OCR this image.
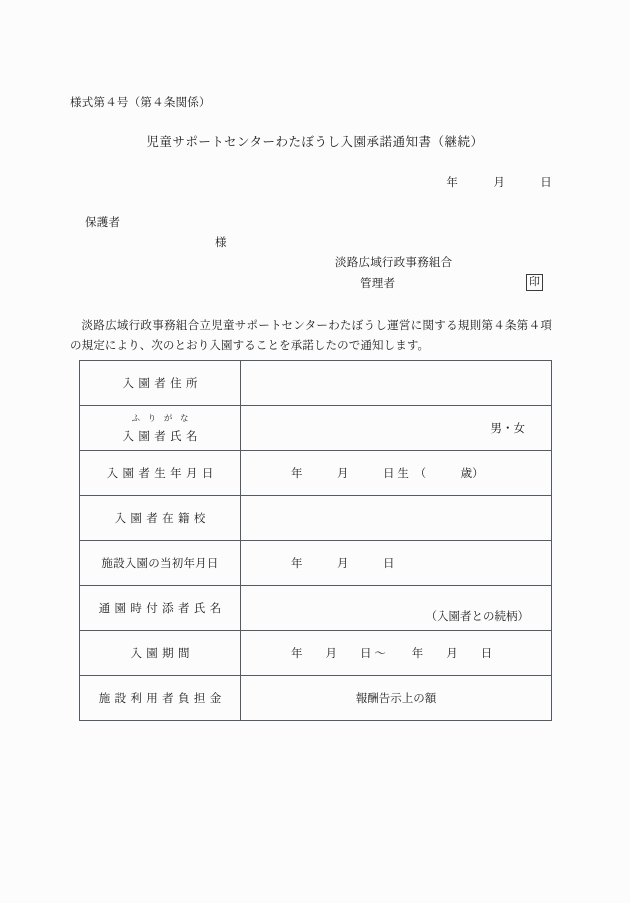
様式第４号（第４条関係）
児童サポートセンターわたぼうし入園承諾通知書（継続）
年　　　月　　　日
保護者
様
淡路広域行政事務組合
管理者	印
淡路広域行政事務組合立児童サポートセンターわたぼうし運営に関する規則第４条第４項の規定により、次のとおり入園することを承諾したので通知します。
入園者住所	

ふりがな
入園者氏名	男・女

入園者生年月日	年　　　月　　　日 生　（　　　歳）

入園者在籍校	

施設入園の当初年月日	年　　　月　　　日

通園時付添者氏名	（入園者との続柄）

入園期間	年　　月　　日 ～ 　　年　　月　　日

施設利用者負担金	報酬告示上の額
